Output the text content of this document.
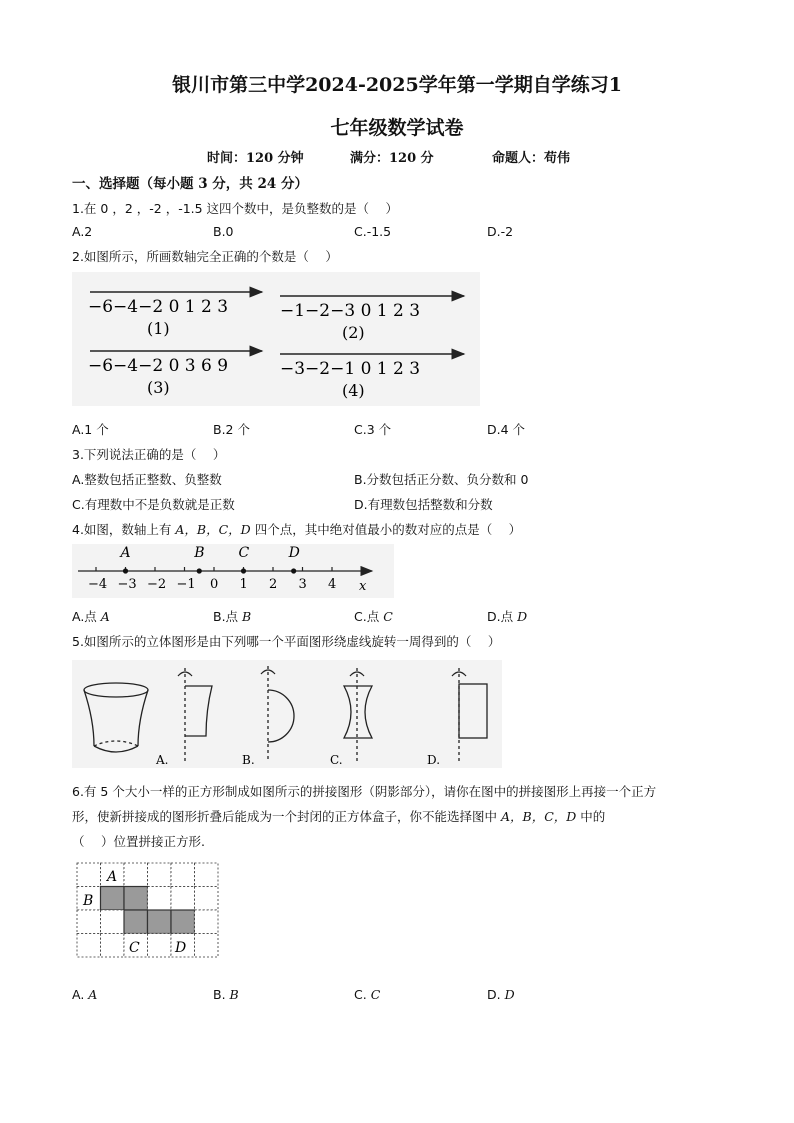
银川市第三中学2024-2025学年第一学期自学练习1
七年级数学试卷
时间：120 分钟	满分：120 分	命题人：苟伟
一、选择题（每小题 3 分，共 24 分）
1.在 0 ，2 ，-2 ，-1.5 这四个数中，是负整数的是（　 ）
A.2	B.0	C.-1.5	D.-2
2.如图所示，所画数轴完全正确的个数是（　 ）
−6−4−2 0 1 2 3
(1)
−1−2−3 0 1 2 3
(2)
−6−4−2 0 3 6 9
(3)
−3−2−1 0 1 2 3
(4)
A.1 个	B.2 个	C.3 个	D.4 个
3.下列说法正确的是（　 ）
A.整数包括正整数、负整数	B.分数包括正分数、负分数和 0
C.有理数中不是负数就是正数	D.有理数包括整数和分数
4.如图，数轴上有 A，B，C，D 四个点，其中绝对值最小的数对应的点是（　 ）
−4 −3 −2 −1 0 1 2 3 4
A	B C	D
x
A.点 A	B.点 B	C.点 C	D.点 D
5.如图所示的立体图形是由下列哪一个平面图形绕虚线旋转一周得到的（　 ）
A.	B.	C.	D.
6.有 5 个大小一样的正方形制成如图所示的拼接图形（阴影部分），请你在图中的拼接图形上再接一个正方
形，使新拼接成的图形折叠后能成为一个封闭的正方体盒子，你不能选择图中 A，B，C，D 中的
（　 ）位置拼接正方形.
A
B
C	D
A. A	B. B	C. C	D. D
